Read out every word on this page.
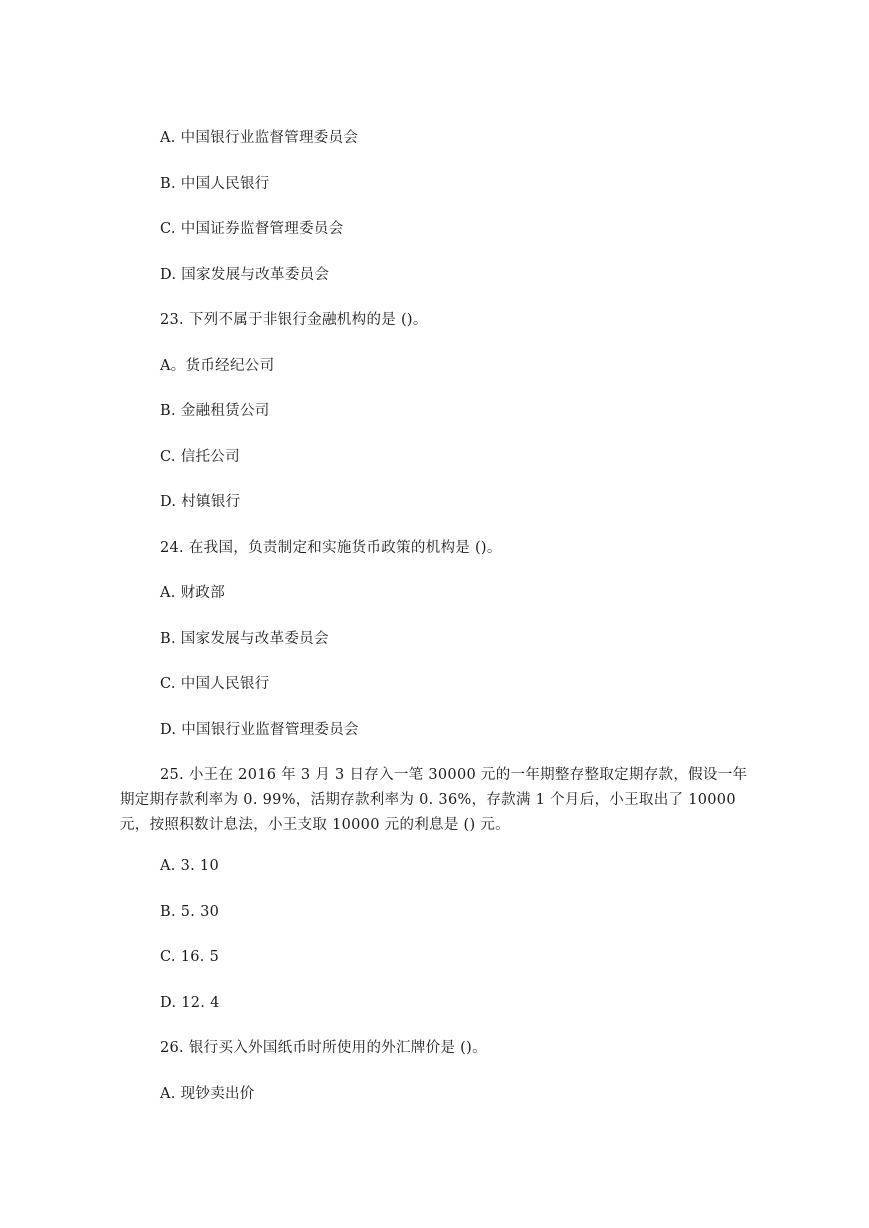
A. 中国银行业监督管理委员会
B. 中国人民银行
C. 中国证券监督管理委员会
D. 国家发展与改革委员会
23. 下列不属于非银行金融机构的是 ()。
A。货币经纪公司
B. 金融租赁公司
C. 信托公司
D. 村镇银行
24. 在我国，负责制定和实施货币政策的机构是 ()。
A. 财政部
B. 国家发展与改革委员会
C. 中国人民银行
D. 中国银行业监督管理委员会
25. 小王在 2016 年 3 月 3 日存入一笔 30000 元的一年期整存整取定期存款，假设一年
期定期存款利率为 0. 99%，活期存款利率为 0. 36%，存款满 1 个月后，小王取出了 10000
元，按照积数计息法，小王支取 10000 元的利息是 () 元。
A. 3. 10
B. 5. 30
C. 16. 5
D. 12. 4
26. 银行买入外国纸币时所使用的外汇牌价是 ()。
A. 现钞卖出价
